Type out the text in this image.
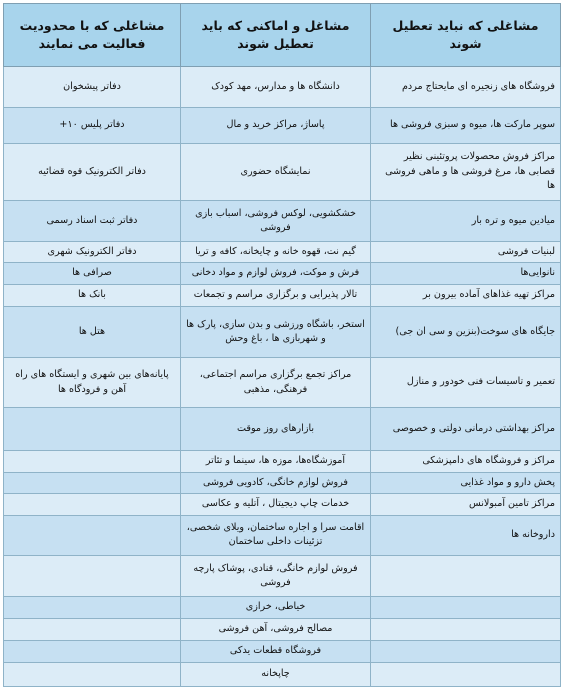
مشاغلی که نباید تعطیل شوند	مشاغل و اماکنی که باید تعطیل شوند	مشاغلی که با محدودیت فعالیت می نمایند
فروشگاه های زنجیره ای مایحتاج مردم	دانشگاه ها و مدارس، مهد کودک	دفاتر پیشخوان
سوپر مارکت ها، میوه و سبزی فروشی ها	پاساژ، مراکز خرید و مال	دفاتر پلیس ۱۰+
مراکز فروش محصولات پروتئینی نظیر قصابی ها، مرغ فروشی ها و ماهی فروشی ها	نمایشگاه حضوری	دفاتر الکترونیک قوه قضائیه
میادین میوه و تره بار	خشکشویی، لوکس فروشی، اسباب بازی فروشی	دفاتر ثبت اسناد رسمی
لبنیات فروشی	گیم نت، قهوه خانه و چایخانه، کافه و تریا	دفاتر الکترونیک شهری
نانوایی‌ها	فرش و موکت، فروش لوازم و مواد دخانی	صرافی ها
مراکز تهیه غذاهای آماده بیرون بر	تالار پذیرایی و برگزاری مراسم و تجمعات	بانک ها
جایگاه های سوخت(بنزین و سی ان جی)	استخر، باشگاه ورزشی و بدن سازی، پارک ها و شهربازی ها ، باغ وحش	هتل ها
تعمیر و تاسیسات فنی خودور و منازل	مراکز تجمع برگزاری مراسم اجتماعی، فرهنگی، مذهبی	پایانه‌های بین شهری و ایستگاه های راه آهن و فرودگاه ها
مراکز بهداشتی درمانی دولتی و خصوصی	بازارهای روز موقت	
مراکز و فروشگاه های دامپزشکی	آموزشگاه‌ها، موزه ها، سینما و تئاتر	
پخش دارو و مواد غذایی	فروش لوازم خانگی، کادویی فروشی	
مراکز تامین آمبولانس	خدمات چاپ دیجیتال ، آتلیه و عکاسی	
داروخانه ها	اقامت سرا و اجاره ساختمان، ویلای شخصی، تزئینات داخلی ساختمان	
	فروش لوازم خانگی، قنادی، پوشاک پارچه فروشی	
	خیاطی، خرازی	
	مصالح فروشی، آهن فروشی	
	فروشگاه قطعات یدکی	
	چاپخانه	
